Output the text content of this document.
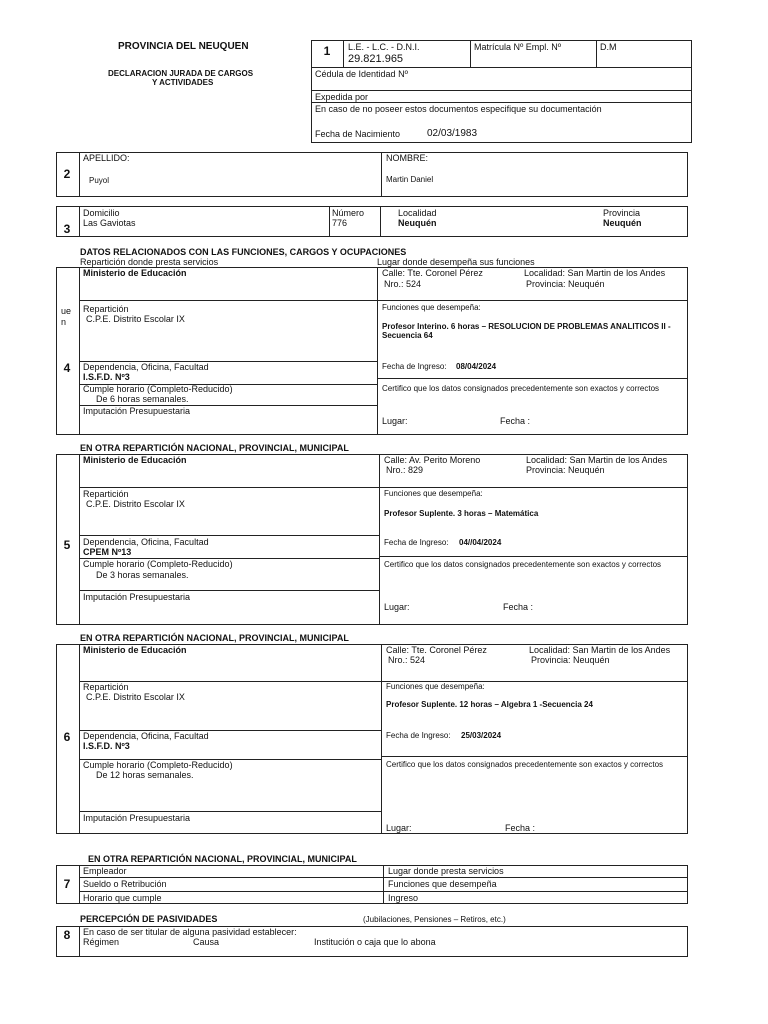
PROVINCIA DEL NEUQUEN
DECLARACION JURADA DE CARGOS
Y ACTIVIDADES
1	L.E. - L.C. - D.N.I.
29.821.965
Matrícula Nº Empl. Nº	D.M
Cédula de Identidad Nº
Expedida por
En caso de no poseer estos documentos especifique su documentación
Fecha de Nacimiento	02/03/1983
2
APELLIDO:
Puyol
NOMBRE:
Martin Daniel
3
Domicilio
Las Gaviotas
Número
776
Localidad
Neuquén
Provincia
Neuquén
DATOS RELACIONADOS CON LAS FUNCIONES, CARGOS Y OCUPACIONES
Repartición donde presta servicios	Lugar donde desempeña sus funciones
ue
n
4
Ministerio de Educación	Calle: Tte. Coronel Pérez	Localidad: San Martin de los Andes
Nro.: 524	Provincia: Neuquén
Repartición
C.P.E. Distrito Escolar IX
Funciones que desempeña:
Profesor Interino. 6 horas – RESOLUCION DE PROBLEMAS ANALITICOS II -
Secuencia 64
Dependencia, Oficina, Facultad
I.S.F.D. Nº3
Fecha de Ingreso: 08/04/2024
Cumple horario (Completo-Reducido)
De 6 horas semanales.
Certifico que los datos consignados precedentemente son exactos y correctos
Imputación Presupuestaria
Lugar:	Fecha :
EN OTRA REPARTICIÓN NACIONAL, PROVINCIAL, MUNICIPAL
5
Ministerio de Educación	Calle: Av. Perito Moreno	Localidad: San Martin de los Andes
Nro.: 829	Provincia: Neuquén
Repartición
C.P.E. Distrito Escolar IX
Funciones que desempeña:
Profesor Suplente. 3 horas – Matemática
Dependencia, Oficina, Facultad
CPEM Nº13
Fecha de Ingreso: 04//04/2024
Cumple horario (Completo-Reducido)
De 3 horas semanales.
Certifico que los datos consignados precedentemente son exactos y correctos
Imputación Presupuestaria
Lugar:	Fecha :
EN OTRA REPARTICIÓN NACIONAL, PROVINCIAL, MUNICIPAL
6
Ministerio de Educación	Calle: Tte. Coronel Pérez	Localidad: San Martin de los Andes
Nro.: 524	Provincia: Neuquén
Repartición
C.P.E. Distrito Escolar IX
Funciones que desempeña:
Profesor Suplente. 12 horas – Algebra 1 -Secuencia 24
Dependencia, Oficina, Facultad
I.S.F.D. Nº3
Fecha de Ingreso: 25/03/2024
Cumple horario (Completo-Reducido)
De 12 horas semanales.
Certifico que los datos consignados precedentemente son exactos y correctos
Imputación Presupuestaria
Lugar:	Fecha :
EN OTRA REPARTICIÓN NACIONAL, PROVINCIAL, MUNICIPAL
7
Empleador	Lugar donde presta servicios
Sueldo o Retribución	Funciones que desempeña
Horario que cumple	Ingreso
PERCEPCIÓN DE PASIVIDADES	(Jubilaciones, Pensiones – Retiros, etc.)
8	En caso de ser titular de alguna pasividad establecer:
Régimen	Causa	Institución o caja que lo abona
